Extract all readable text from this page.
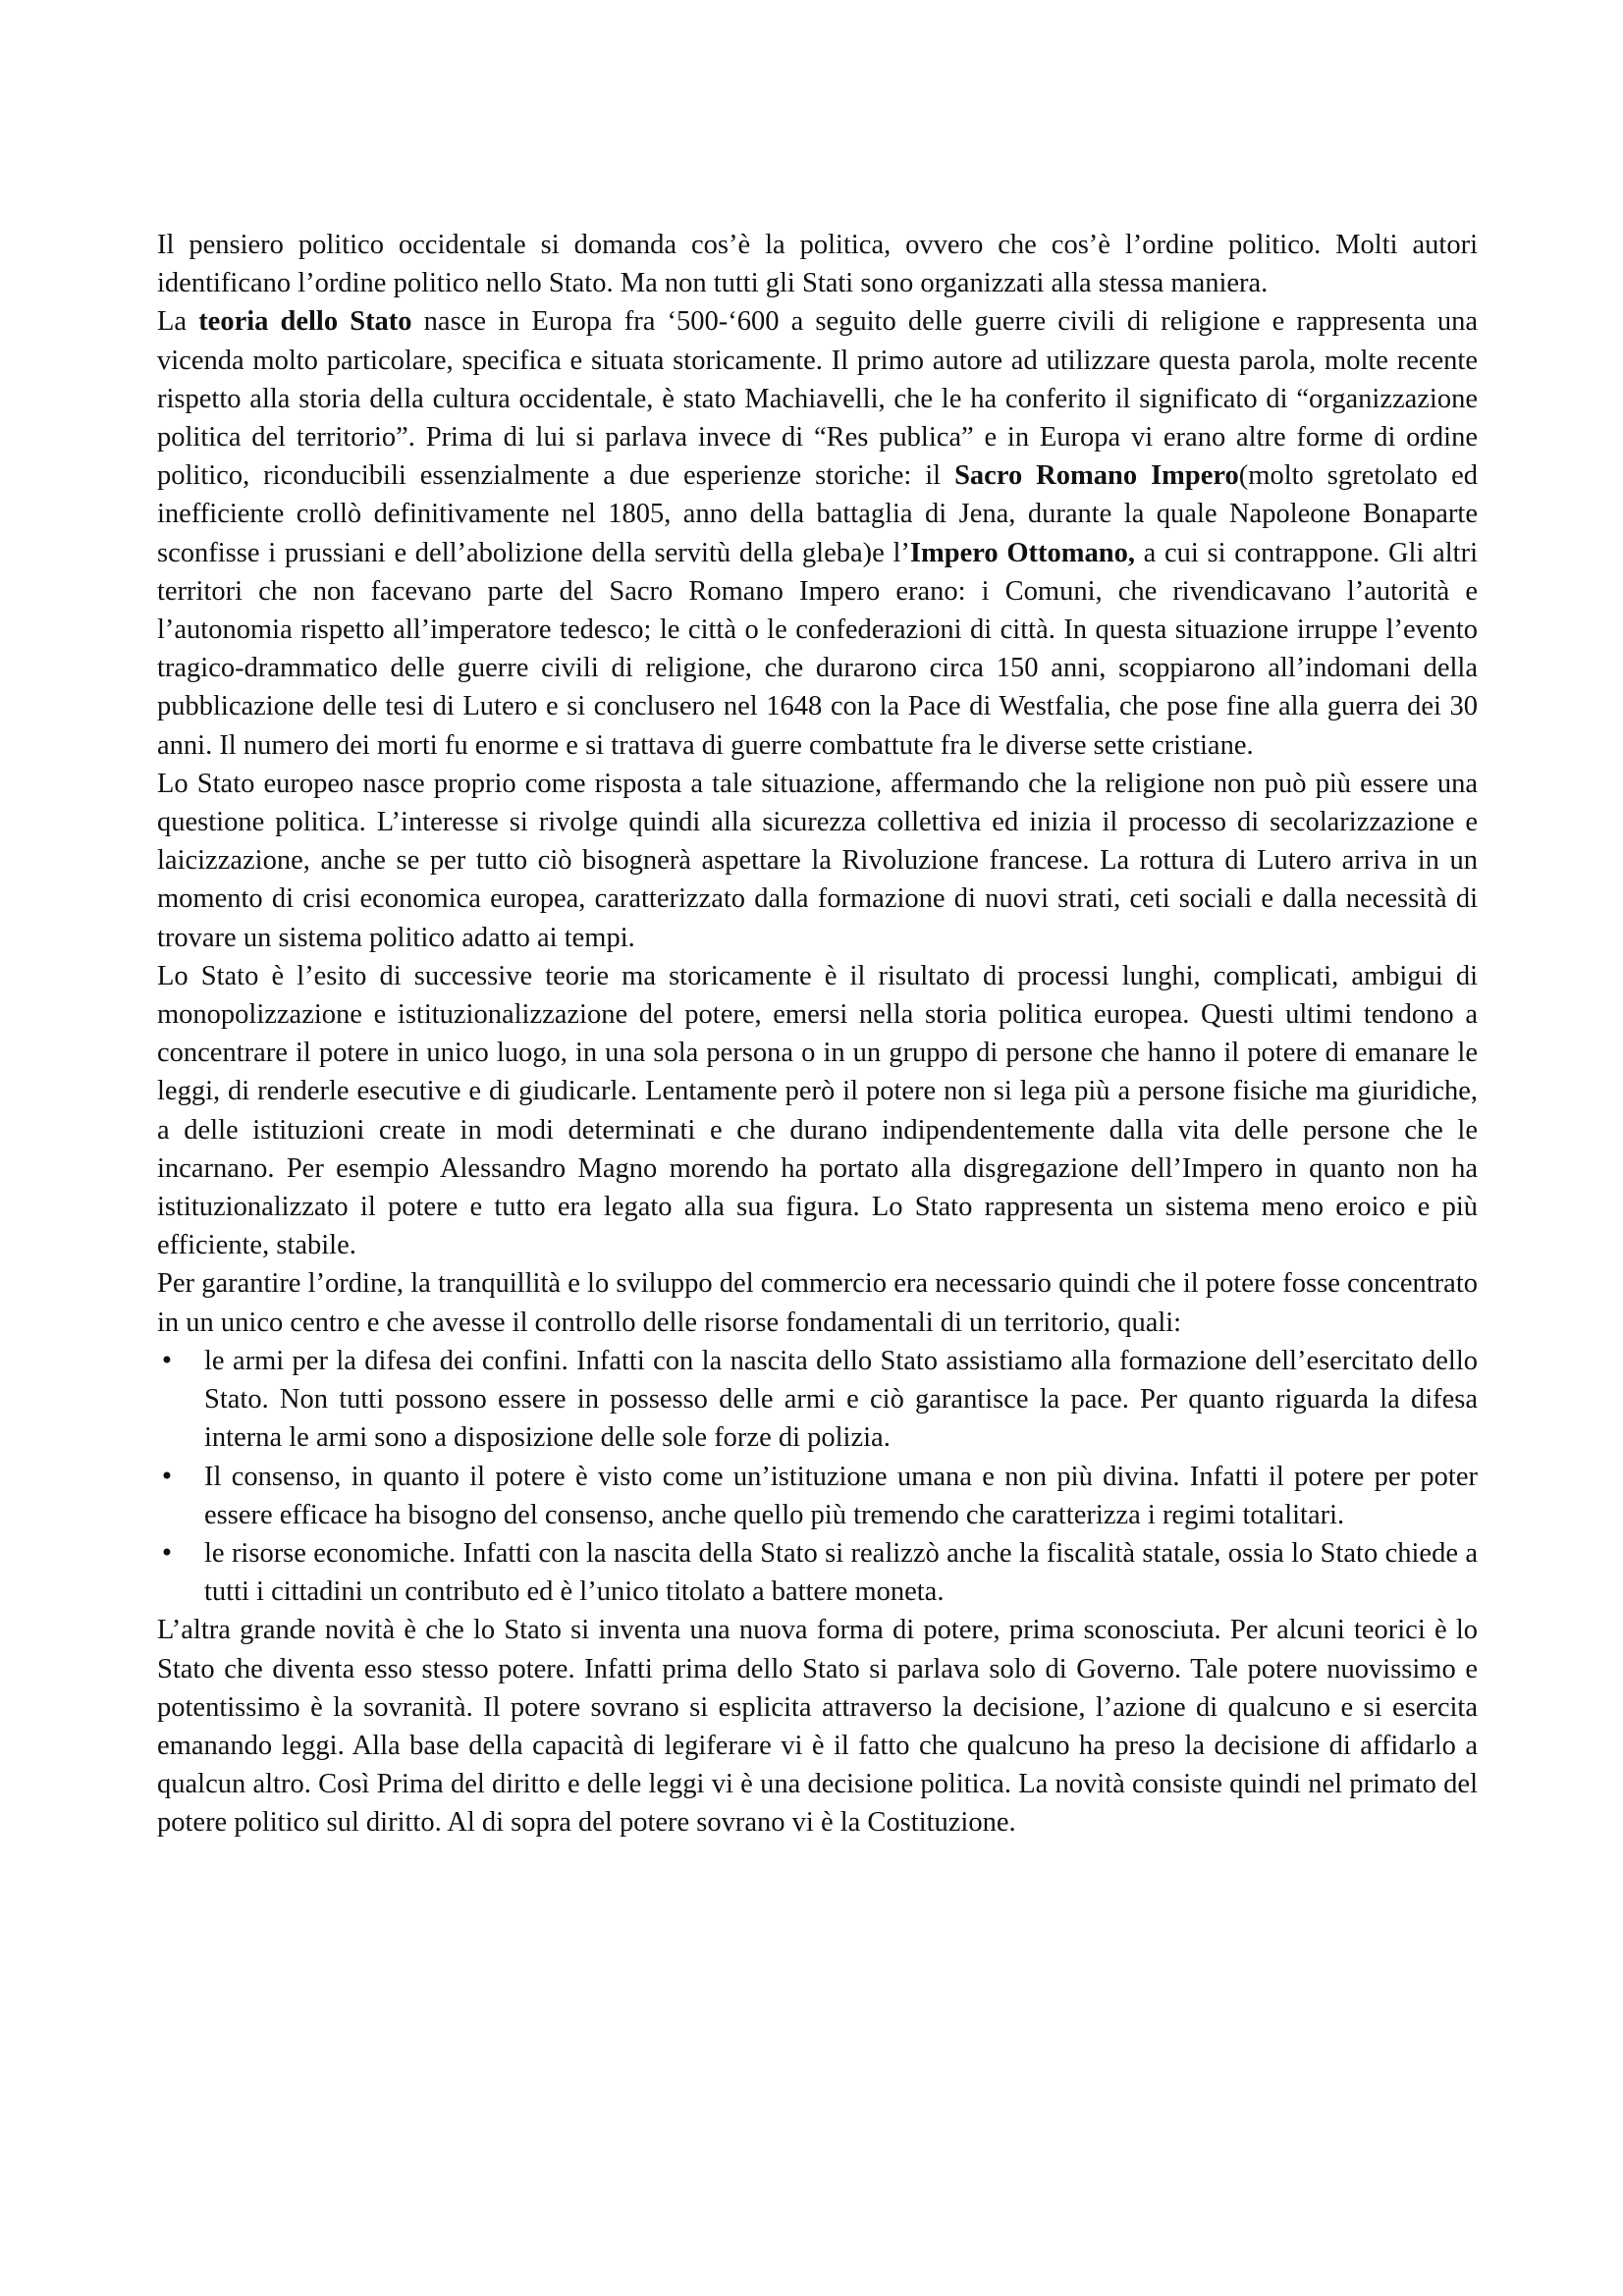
Il pensiero politico occidentale si domanda cos’è la politica, ovvero che cos’è l’ordine politico. Molti autori identificano l’ordine politico nello Stato. Ma non tutti gli Stati sono organizzati alla stessa maniera.

La teoria dello Stato nasce in Europa fra ‘500-‘600 a seguito delle guerre civili di religione e rappresenta una vicenda molto particolare, specifica e situata storicamente. Il primo autore ad utilizzare questa parola, molte recente rispetto alla storia della cultura occidentale, è stato Machiavelli, che le ha conferito il significato di “organizzazione politica del territorio”. Prima di lui si parlava invece di “Res publica” e in Europa vi erano altre forme di ordine politico, riconducibili essenzialmente a due esperienze storiche: il Sacro Romano Impero(molto sgretolato ed inefficiente crollò definitivamente nel 1805, anno della battaglia di Jena, durante la quale Napoleone Bonaparte sconfisse i prussiani e dell’abolizione della servitù della gleba)e l’Impero Ottomano, a cui si contrappone. Gli altri territori che non facevano parte del Sacro Romano Impero erano: i Comuni, che rivendicavano l’autorità e l’autonomia rispetto all’imperatore tedesco; le città o le confederazioni di città. In questa situazione irruppe l’evento tragico-drammatico delle guerre civili di religione, che durarono circa 150 anni, scoppiarono all’indomani della pubblicazione delle tesi di Lutero e si conclusero nel 1648 con la Pace di Westfalia, che pose fine alla guerra dei 30 anni. Il numero dei morti fu enorme e si trattava di guerre combattute fra le diverse sette cristiane.

Lo Stato europeo nasce proprio come risposta a tale situazione, affermando che la religione non può più essere una questione politica. L’interesse si rivolge quindi alla sicurezza collettiva ed inizia il processo di secolarizzazione e laicizzazione, anche se per tutto ciò bisognerà aspettare la Rivoluzione francese. La rottura di Lutero arriva in un momento di crisi economica europea, caratterizzato dalla formazione di nuovi strati, ceti sociali e dalla necessità di trovare un sistema politico adatto ai tempi.

Lo Stato è l’esito di successive teorie ma storicamente è il risultato di processi lunghi, complicati, ambigui di monopolizzazione e istituzionalizzazione del potere, emersi nella storia politica europea. Questi ultimi tendono a concentrare il potere in unico luogo, in una sola persona o in un gruppo di persone che hanno il potere di emanare le leggi, di renderle esecutive e di giudicarle. Lentamente però il potere non si lega più a persone fisiche ma giuridiche, a delle istituzioni create in modi determinati e che durano indipendentemente dalla vita delle persone che le incarnano. Per esempio Alessandro Magno morendo ha portato alla disgregazione dell’Impero in quanto non ha istituzionalizzato il potere e tutto era legato alla sua figura. Lo Stato rappresenta un sistema meno eroico e più efficiente, stabile.

Per garantire l’ordine, la tranquillità e lo sviluppo del commercio era necessario quindi che il potere fosse concentrato in un unico centro e che avesse il controllo delle risorse fondamentali di un territorio, quali:

• le armi per la difesa dei confini. Infatti con la nascita dello Stato assistiamo alla formazione dell’esercitato dello Stato. Non tutti possono essere in possesso delle armi e ciò garantisce la pace. Per quanto riguarda la difesa interna le armi sono a disposizione delle sole forze di polizia.
• Il consenso, in quanto il potere è visto come un’istituzione umana e non più divina. Infatti il potere per poter essere efficace ha bisogno del consenso, anche quello più tremendo che caratterizza i regimi totalitari.
• le risorse economiche. Infatti con la nascita della Stato si realizzò anche la fiscalità statale, ossia lo Stato chiede a tutti i cittadini un contributo ed è l’unico titolato a battere moneta.

L’altra grande novità è che lo Stato si inventa una nuova forma di potere, prima sconosciuta. Per alcuni teorici è lo Stato che diventa esso stesso potere. Infatti prima dello Stato si parlava solo di Governo. Tale potere nuovissimo e potentissimo è la sovranità. Il potere sovrano si esplicita attraverso la decisione, l’azione di qualcuno e si esercita emanando leggi. Alla base della capacità di legiferare vi è il fatto che qualcuno ha preso la decisione di affidarlo a qualcun altro. Così Prima del diritto e delle leggi vi è una decisione politica. La novità consiste quindi nel primato del potere politico sul diritto. Al di sopra del potere sovrano vi è la Costituzione.
